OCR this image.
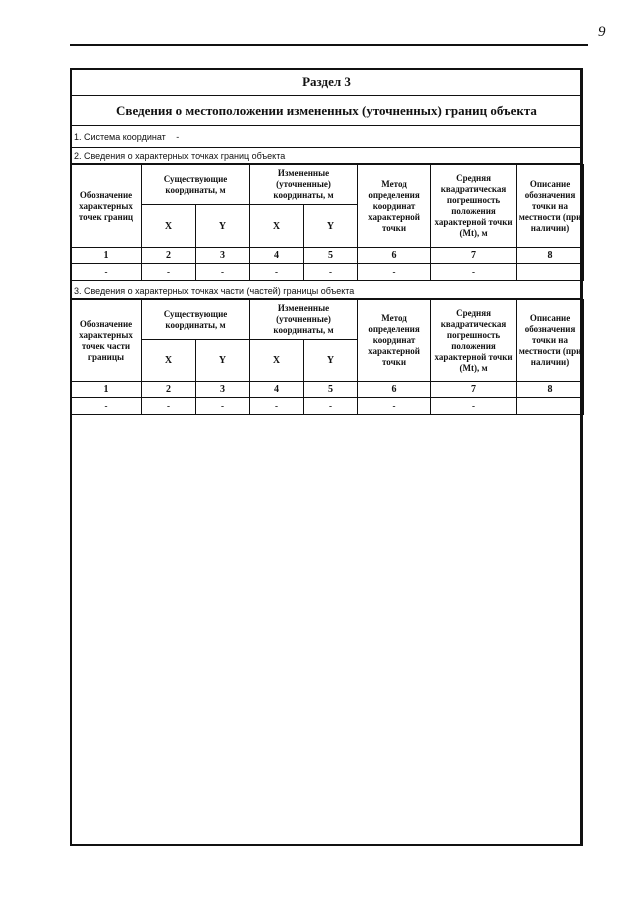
9
Раздел 3
Сведения о местоположении измененных (уточненных) границ объекта
1. Система координат -
2. Сведения о характерных точках границ объекта
Обозначение характерных точек границ	Существующие координаты, м		Измененные (уточненные) координаты, м		Метод определения координат характерной точки	Средняя квадратическая погрешность положения характерной точки (Mt), м	Описание обозначения точки на местности (при наличии)
	X	Y	X	Y			
1	2	3	4	5	6	7	8
-	-	-	-	-	-	-	
3. Сведения о характерных точках части (частей) границы объекта
Обозначение характерных точек части границы	Существующие координаты, м		Измененные (уточненные) координаты, м		Метод определения координат характерной точки	Средняя квадратическая погрешность положения характерной точки (Mt), м	Описание обозначения точки на местности (при наличии)
	X	Y	X	Y			
1	2	3	4	5	6	7	8
-	-	-	-	-	-	-	
